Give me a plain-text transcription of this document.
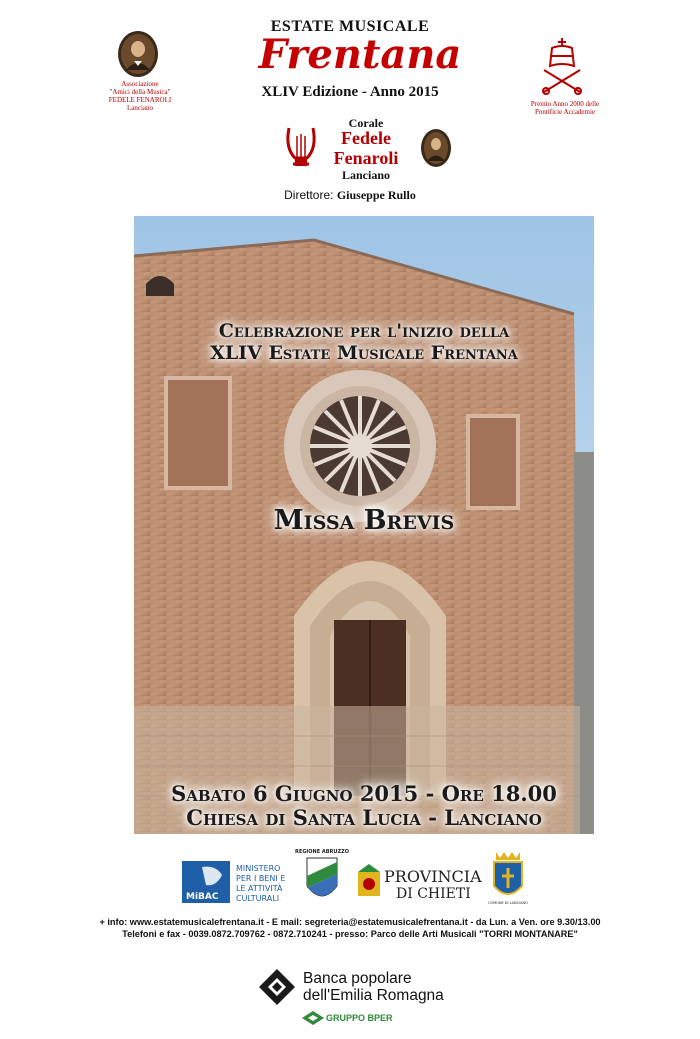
ESTATE MUSICALE
Frentana
XLIV Edizione - Anno 2015
Associazione
"Amici della Musica"
FEDELE FENAROLI
Lanciano	Premio Anno 2000 delle
Pontificie Accademie
Corale
Fedele
Fenaroli
Lanciano
Direttore: Giuseppe Rullo
Celebrazione per l'inizio della
XLIV Estate Musicale Frentana
Missa Brevis
Sabato 6 Giugno 2015 - Ore 18.00
Chiesa di Santa Lucia - Lanciano
MiBAC
MINISTERO
PER I BENI E
LE ATTIVITÀ
CULTURALI
REGIONE ABRUZZO
PROVINCIA
DI CHIETI
COMUNE DI LANCIANO
+ info: www.estatemusicalefrentana.it - E mail: segreteria@estatemusicalefrentana.it - da Lun. a Ven. ore 9.30/13.00
Telefoni e fax - 0039.0872.709762 - 0872.710241 - presso: Parco delle Arti Musicali "TORRI MONTANARE"
Banca popolare
dell'Emilia Romagna
GRUPPO BPER
